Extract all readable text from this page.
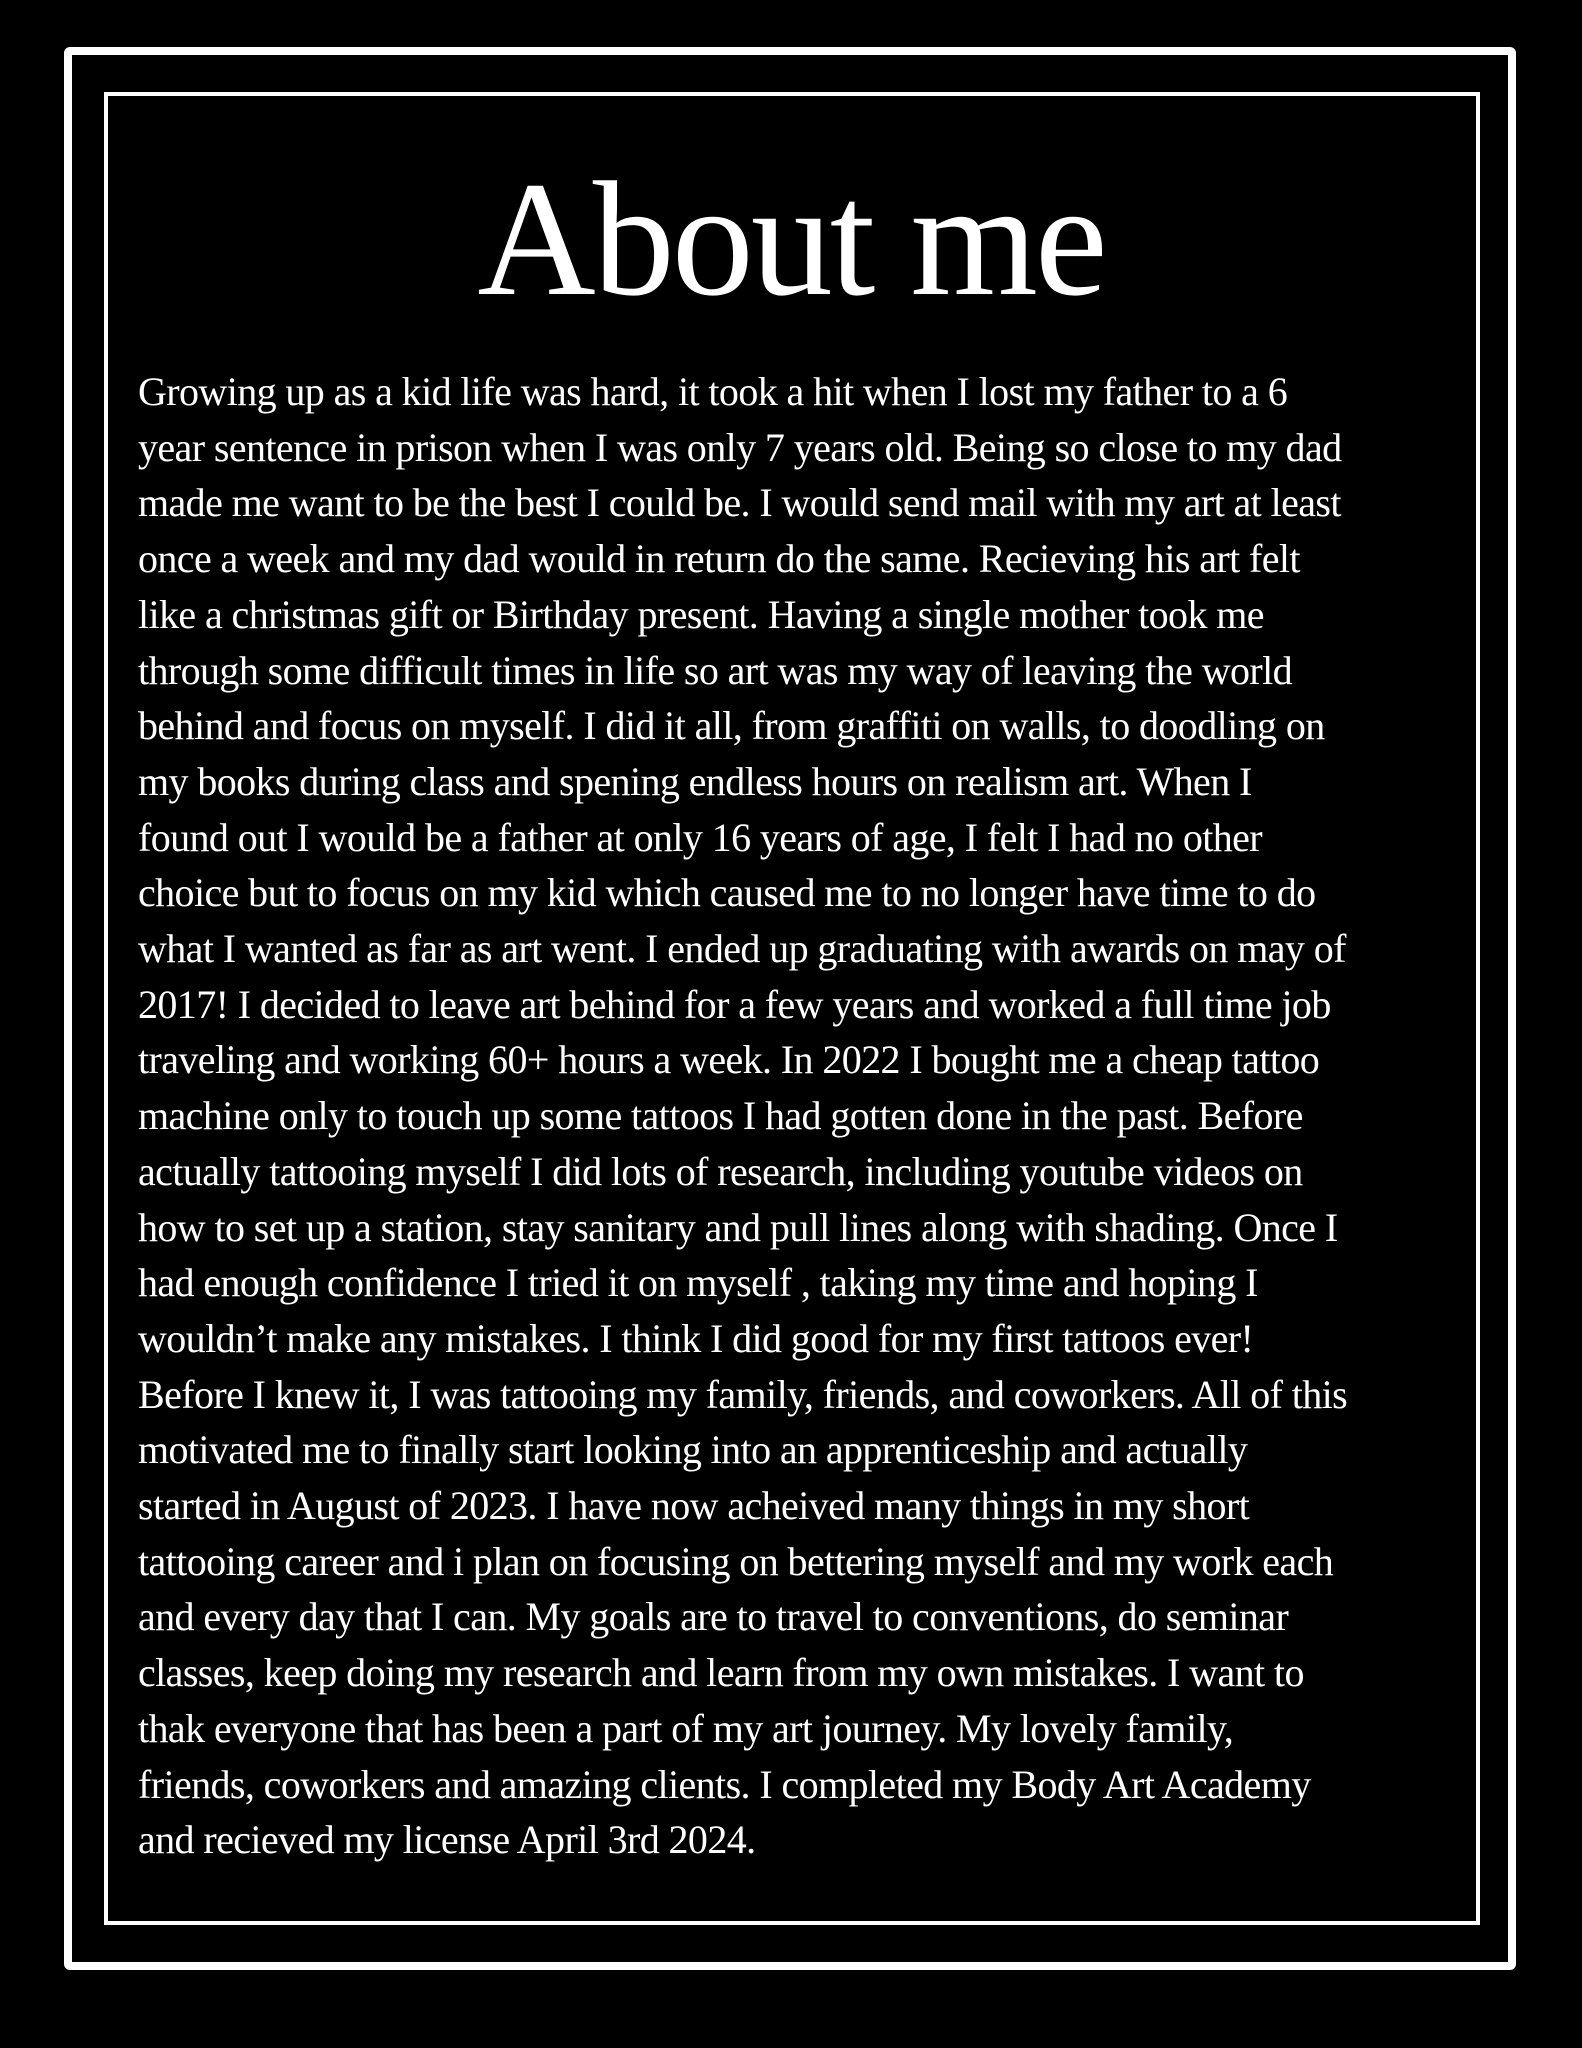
About me
Growing up as a kid life was hard, it took a hit when I lost my father to a 6
year sentence in prison when I was only 7 years old. Being so close to my dad
made me want to be the best I could be. I would send mail with my art at least
once a week and my dad would in return do the same. Recieving his art felt
like a christmas gift or Birthday present. Having a single mother took me
through some difficult times in life so art was my way of leaving the world
behind and focus on myself. I did it all, from graffiti on walls, to doodling on
my books during class and spening endless hours on realism art. When I
found out I would be a father at only 16 years of age, I felt I had no other
choice but to focus on my kid which caused me to no longer have time to do
what I wanted as far as art went. I ended up graduating with awards on may of
2017! I decided to leave art behind for a few years and worked a full time job
traveling and working 60+ hours a week. In 2022 I bought me a cheap tattoo
machine only to touch up some tattoos I had gotten done in the past. Before
actually tattooing myself I did lots of research, including youtube videos on
how to set up a station, stay sanitary and pull lines along with shading. Once I
had enough confidence I tried it on myself , taking my time and hoping I
wouldn’t make any mistakes. I think I did good for my first tattoos ever!
Before I knew it, I was tattooing my family, friends, and coworkers. All of this
motivated me to finally start looking into an apprenticeship and actually
started in August of 2023. I have now acheived many things in my short
tattooing career and i plan on focusing on bettering myself and my work each
and every day that I can. My goals are to travel to conventions, do seminar
classes, keep doing my research and learn from my own mistakes. I want to
thak everyone that has been a part of my art journey. My lovely family,
friends, coworkers and amazing clients. I completed my Body Art Academy
and recieved my license April 3rd 2024.
